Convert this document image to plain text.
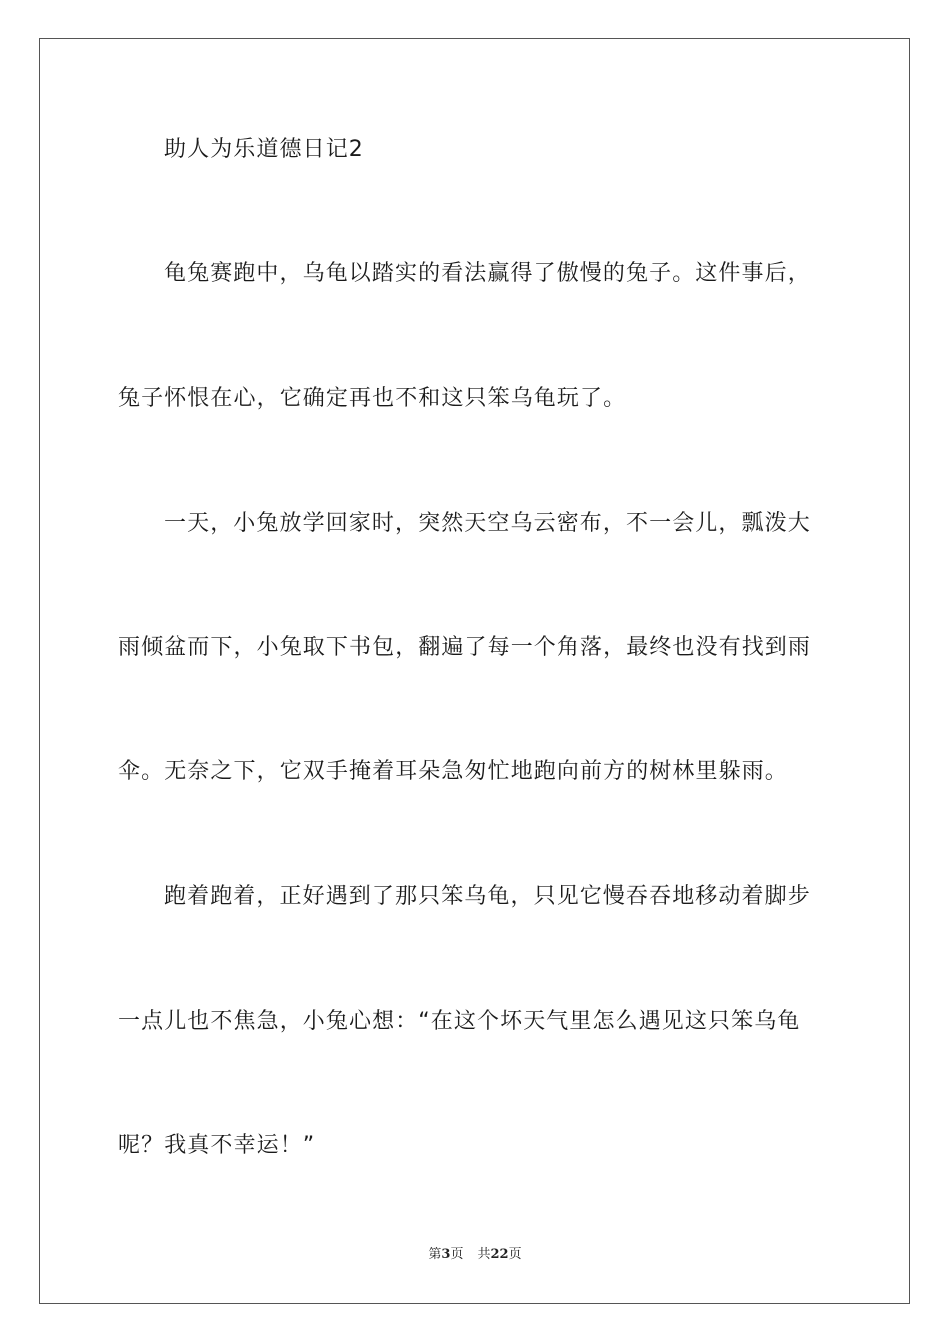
助人为乐道德日记2
龟兔赛跑中，乌龟以踏实的看法赢得了傲慢的兔子。这件事后，
兔子怀恨在心，它确定再也不和这只笨乌龟玩了。
一天，小兔放学回家时，突然天空乌云密布，不一会儿，瓢泼大
雨倾盆而下，小兔取下书包，翻遍了每一个角落，最终也没有找到雨
伞。无奈之下，它双手掩着耳朵急匆忙地跑向前方的树林里躲雨。
跑着跑着，正好遇到了那只笨乌龟，只见它慢吞吞地移动着脚步
一点儿也不焦急，小兔心想：“在这个坏天气里怎么遇见这只笨乌龟
呢？我真不幸运！”
第3页 共22页
